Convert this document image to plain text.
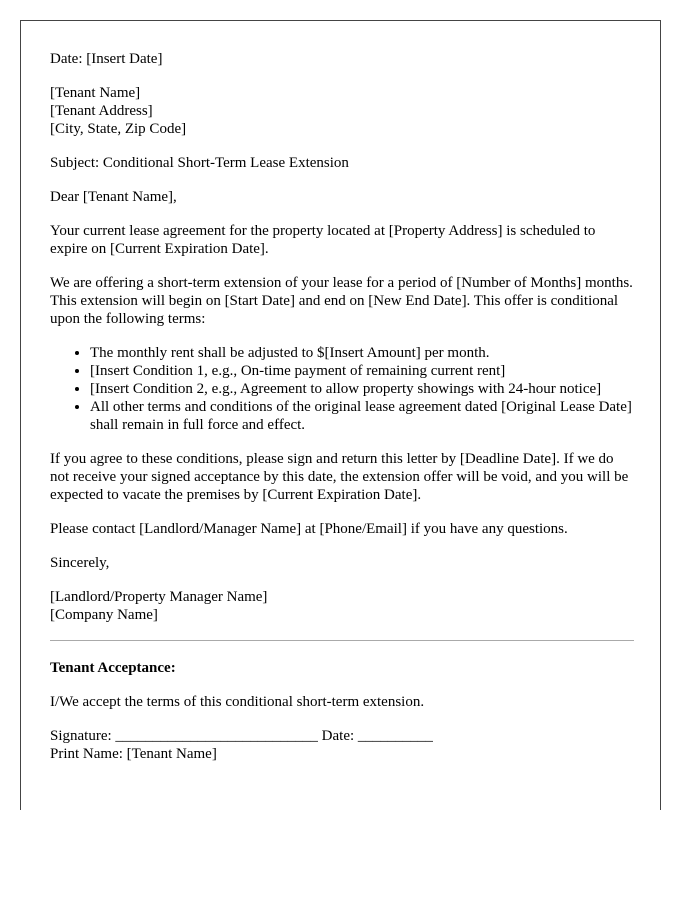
Date: [Insert Date]

[Tenant Name]

[Tenant Address]

[City, State, Zip Code]

Subject: Conditional Short-Term Lease Extension

Dear [Tenant Name],

Your current lease agreement for the property located at [Property Address] is scheduled to expire on [Current Expiration Date].

We are offering a short-term extension of your lease for a period of [Number of Months] months. This extension will begin on [Start Date] and end on [New End Date]. This offer is conditional upon the following terms:

• The monthly rent shall be adjusted to $[Insert Amount] per month.
• [Insert Condition 1, e.g., On-time payment of remaining current rent]
• [Insert Condition 2, e.g., Agreement to allow property showings with 24-hour notice]
• All other terms and conditions of the original lease agreement dated [Original Lease Date] shall remain in full force and effect.

If you agree to these conditions, please sign and return this letter by [Deadline Date]. If we do not receive your signed acceptance by this date, the extension offer will be void, and you will be expected to vacate the premises by [Current Expiration Date].

Please contact [Landlord/Manager Name] at [Phone/Email] if you have any questions.

Sincerely,

[Landlord/Property Manager Name]

[Company Name]

Tenant Acceptance:

I/We accept the terms of this conditional short-term extension.

Signature: ___________________________ Date: __________

Print Name: [Tenant Name]
